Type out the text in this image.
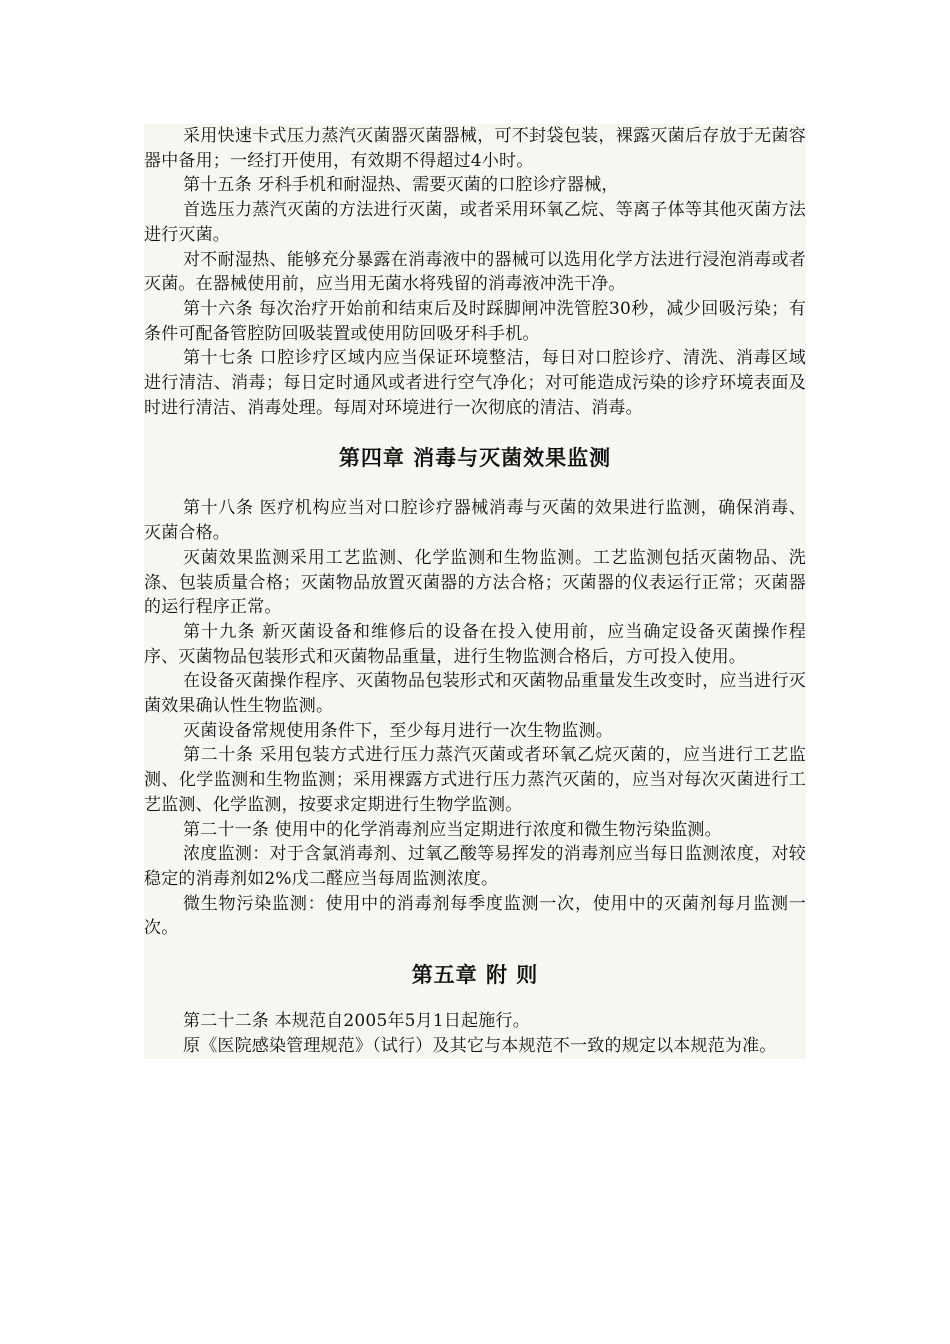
采用快速卡式压力蒸汽灭菌器灭菌器械，可不封袋包装，裸露灭菌后存放于无菌容器中备用；一经打开使用，有效期不得超过4小时。

第十五条 牙科手机和耐湿热、需要灭菌的口腔诊疗器械，

首选压力蒸汽灭菌的方法进行灭菌，或者采用环氧乙烷、等离子体等其他灭菌方法进行灭菌。

对不耐湿热、能够充分暴露在消毒液中的器械可以选用化学方法进行浸泡消毒或者灭菌。在器械使用前，应当用无菌水将残留的消毒液冲洗干净。

第十六条 每次治疗开始前和结束后及时踩脚闸冲洗管腔30秒，减少回吸污染；有条件可配备管腔防回吸装置或使用防回吸牙科手机。

第十七条 口腔诊疗区域内应当保证环境整洁，每日对口腔诊疗、清洗、消毒区域进行清洁、消毒；每日定时通风或者进行空气净化；对可能造成污染的诊疗环境表面及时进行清洁、消毒处理。每周对环境进行一次彻底的清洁、消毒。

第四章 消毒与灭菌效果监测

第十八条 医疗机构应当对口腔诊疗器械消毒与灭菌的效果进行监测，确保消毒、灭菌合格。

灭菌效果监测采用工艺监测、化学监测和生物监测。工艺监测包括灭菌物品、洗涤、包装质量合格；灭菌物品放置灭菌器的方法合格；灭菌器的仪表运行正常；灭菌器的运行程序正常。

第十九条 新灭菌设备和维修后的设备在投入使用前，应当确定设备灭菌操作程序、灭菌物品包装形式和灭菌物品重量，进行生物监测合格后，方可投入使用。

在设备灭菌操作程序、灭菌物品包装形式和灭菌物品重量发生改变时，应当进行灭菌效果确认性生物监测。

灭菌设备常规使用条件下，至少每月进行一次生物监测。

第二十条 采用包装方式进行压力蒸汽灭菌或者环氧乙烷灭菌的，应当进行工艺监测、化学监测和生物监测；采用裸露方式进行压力蒸汽灭菌的，应当对每次灭菌进行工艺监测、化学监测，按要求定期进行生物学监测。

第二十一条 使用中的化学消毒剂应当定期进行浓度和微生物污染监测。

浓度监测：对于含氯消毒剂、过氧乙酸等易挥发的消毒剂应当每日监测浓度，对较稳定的消毒剂如2%戊二醛应当每周监测浓度。

微生物污染监测：使用中的消毒剂每季度监测一次，使用中的灭菌剂每月监测一次。

第五章 附 则

第二十二条 本规范自2005年5月1日起施行。

原《医院感染管理规范》（试行）及其它与本规范不一致的规定以本规范为准。
